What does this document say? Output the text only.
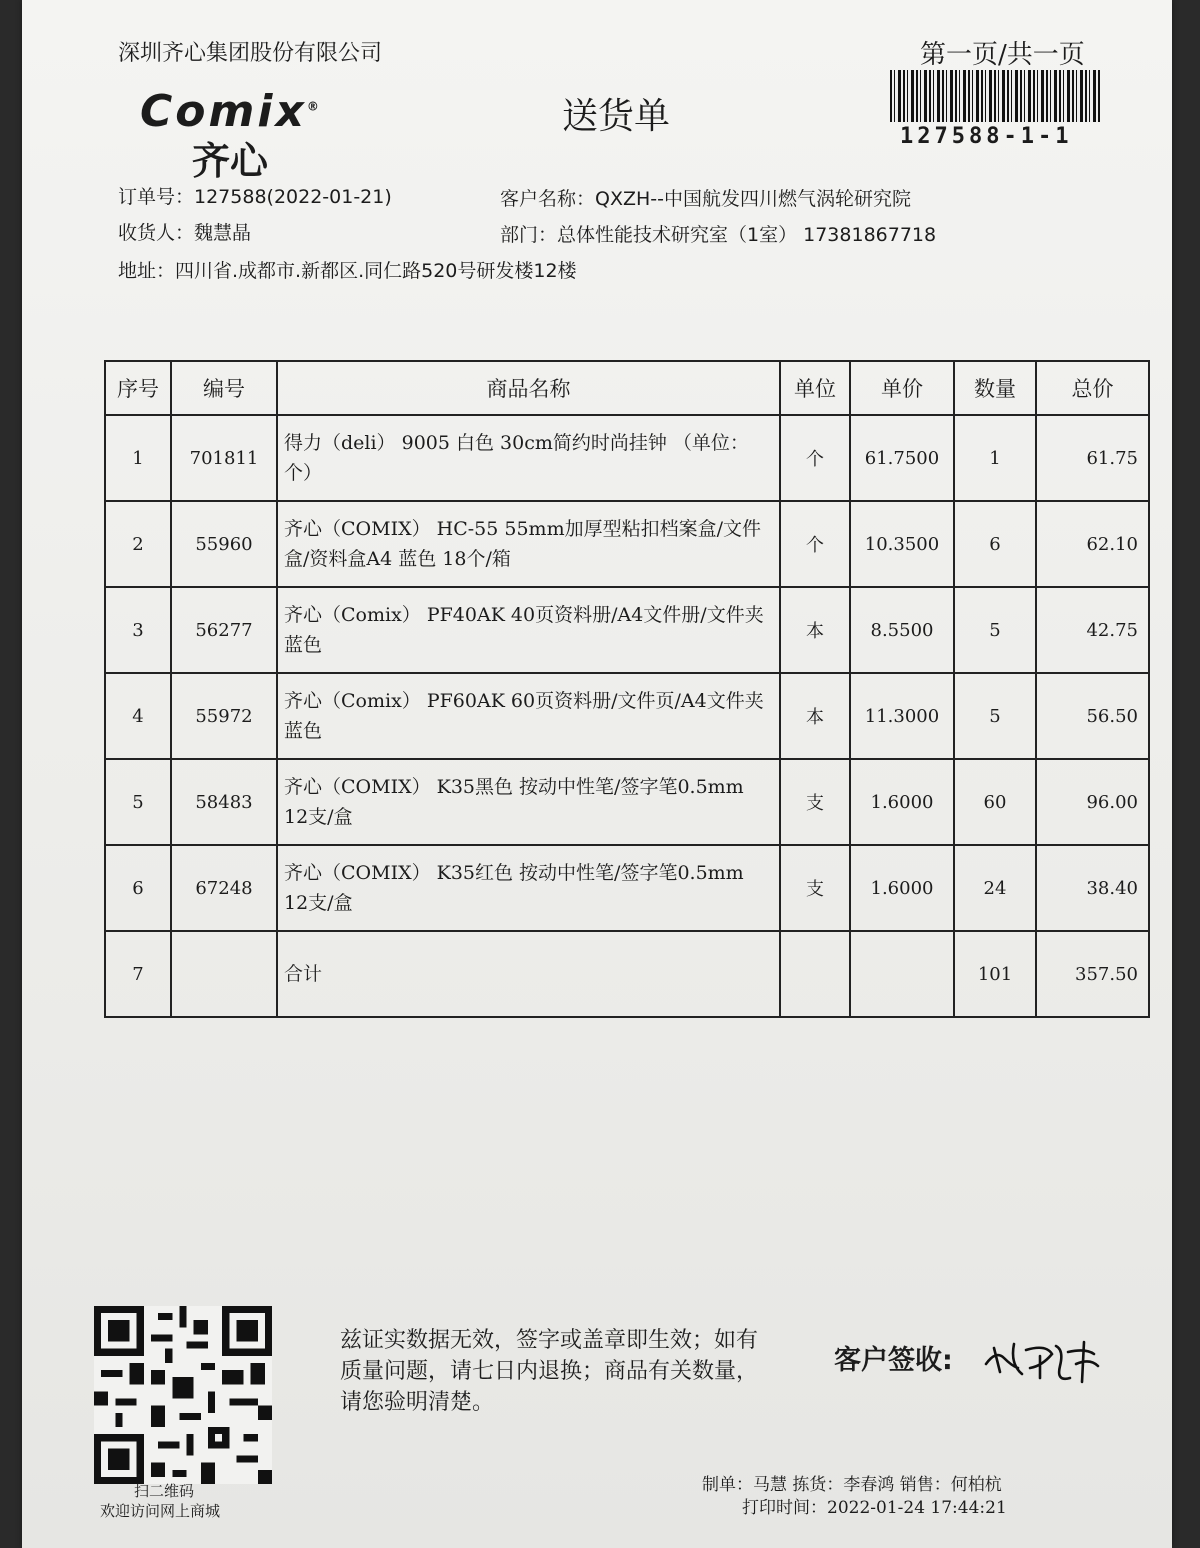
深圳齐心集团股份有限公司	第一页/共一页
Comix®
齐心
送货单	127588-1-1
订单号：127588(2022-01-21)	客户名称：QXZH--中国航发四川燃气涡轮研究院
收货人：魏慧晶	部门：总体性能技术研究室（1室） 17381867718
地址：四川省.成都市.新都区.同仁路520号研发楼12楼
序号	编号	商品名称	单位	单价	数量	总价
1	701811	得力（deli） 9005 白色 30cm简约时尚挂钟 （单位：个）	个	61.7500	1	61.75
2	55960	齐心（COMIX） HC-55 55mm加厚型粘扣档案盒/文件盒/资料盒A4 蓝色 18个/箱	个	10.3500	6	62.10
3	56277	齐心（Comix） PF40AK 40页资料册/A4文件册/文件夹 蓝色	本	8.5500	5	42.75
4	55972	齐心（Comix） PF60AK 60页资料册/文件页/A4文件夹 蓝色	本	11.3000	5	56.50
5	58483	齐心（COMIX） K35黑色 按动中性笔/签字笔0.5mm 12支/盒	支	1.6000	60	96.00
6	67248	齐心（COMIX） K35红色 按动中性笔/签字笔0.5mm 12支/盒	支	1.6000	24	38.40
7		合计			101	357.50
扫二维码
欢迎访问网上商城
兹证实数据无效，签字或盖章即生效；如有质量问题，请七日内退换；商品有关数量，请您验明清楚。
客户签收:
制单：马慧 拣货：李春鸿 销售：何柏杭
打印时间：2022-01-24 17:44:21
